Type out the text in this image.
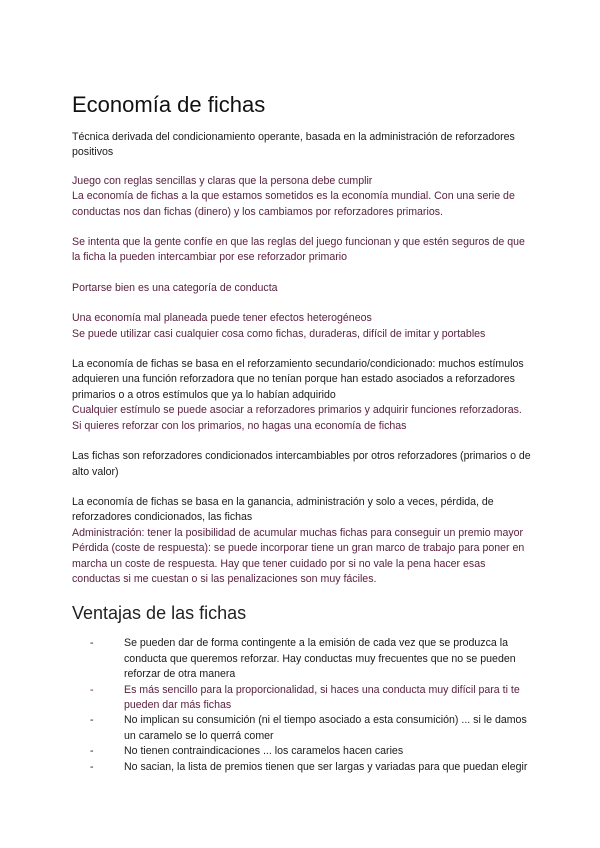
Economía de fichas

Técnica derivada del condicionamiento operante, basada en la administración de reforzadores positivos

Juego con reglas sencillas y claras que la persona debe cumplir

La economía de fichas a la que estamos sometidos es la economía mundial. Con una serie de conductas nos dan fichas (dinero) y los cambiamos por reforzadores primarios.

Se intenta que la gente confíe en que las reglas del juego funcionan y que estén seguros de que la ficha la pueden intercambiar por ese reforzador primario

Portarse bien es una categoría de conducta

Una economía mal planeada puede tener efectos heterogéneos

Se puede utilizar casi cualquier cosa como fichas, duraderas, difícil de imitar y portables

La economía de fichas se basa en el reforzamiento secundario/condicionado: muchos estímulos adquieren una función reforzadora que no tenían porque han estado asociados a reforzadores primarios o a otros estímulos que ya lo habían adquirido

Cualquier estímulo se puede asociar a reforzadores primarios y adquirir funciones reforzadoras. Si quieres reforzar con los primarios, no hagas una economía de fichas

Las fichas son reforzadores condicionados intercambiables por otros reforzadores (primarios o de alto valor)

La economía de fichas se basa en la ganancia, administración y solo a veces, pérdida, de reforzadores condicionados, las fichas

Administración: tener la posibilidad de acumular muchas fichas para conseguir un premio mayor

Pérdida (coste de respuesta): se puede incorporar tiene un gran marco de trabajo para poner en marcha un coste de respuesta. Hay que tener cuidado por si no vale la pena hacer esas conductas si me cuestan o si las penalizaciones son muy fáciles.

Ventajas de las fichas
-	Se pueden dar de forma contingente a la emisión de cada vez que se produzca la conducta que queremos reforzar. Hay conductas muy frecuentes que no se pueden reforzar de otra manera
-	Es más sencillo para la proporcionalidad, si haces una conducta muy difícil para ti te pueden dar más fichas
-	No implican su consumición (ni el tiempo asociado a esta consumición) ... si le damos un caramelo se lo querrá comer
-	No tienen contraindicaciones ... los caramelos hacen caries
-	No sacian, la lista de premios tienen que ser largas y variadas para que puedan elegir
